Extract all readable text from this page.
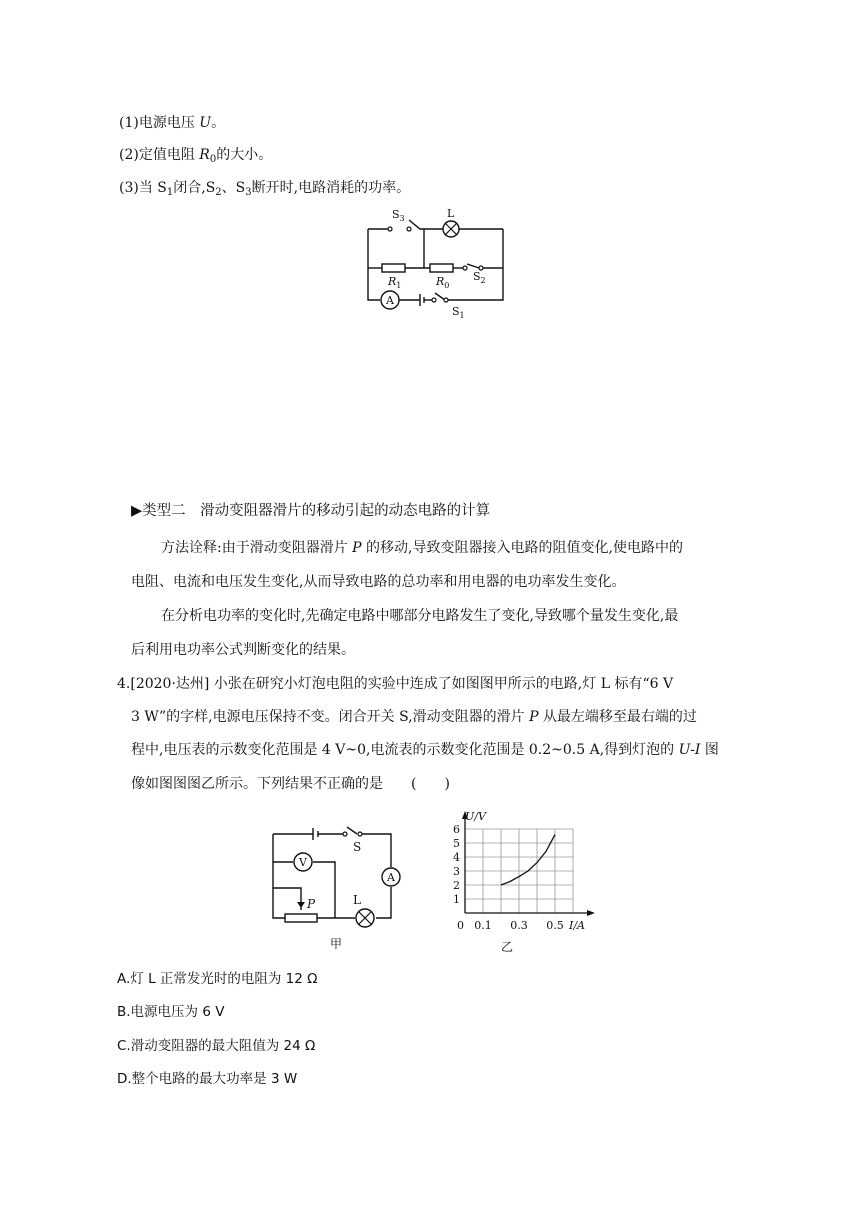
(1)电源电压 U。
(2)定值电阻 $R_0$的大小。
(3)当 $S_1$闭合$,S_2$、$S_3$断开时,电路消耗的功率。
A
$S_3$	L
$R_1$	$R_0$
$S_2$
$S_1$
▶类型二　滑动变阻器滑片的移动引起的动态电路的计算
方法诠释:由于滑动变阻器滑片 P 的移动,导致变阻器接入电路的阻值变化,使电路中的
电阻、电流和电压发生变化,从而导致电路的总功率和用电器的电功率发生变化。
在分析电功率的变化时,先确定电路中哪部分电路发生了变化,导致哪个量发生变化,最
后利用电功率公式判断变化的结果。
4.[2020·达州] 小张在研究小灯泡电阻的实验中连成了如图图甲所示的电路,灯 L 标有“6 V
3 W”的字样,电源电压保持不变。闭合开关 S,滑动变阻器的滑片 P 从最左端移至最右端的过
程中,电压表的示数变化范围是 4 V~0,电流表的示数变化范围是 0.2~0.5 A,得到灯泡的 U-I 图
像如图图图乙所示。下列结果不正确的是　　(　　)
V
A
S
P	L
甲
1
2
3
4
5
6
0.1 0.3 0.5
U/V
I/A
0
乙
A.灯 L 正常发光时的电阻为 12 Ω
B.电源电压为 6 V
C.滑动变阻器的最大阻值为 24 Ω
D.整个电路的最大功率是 3 W
